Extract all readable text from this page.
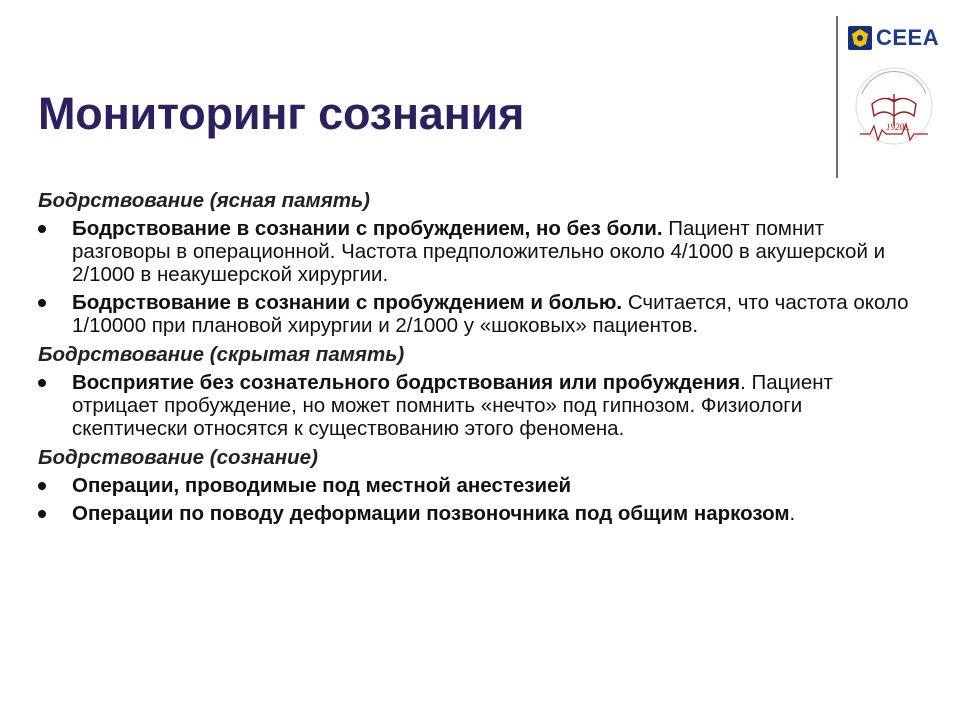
Мониторинг сознания
CEEA
1920г.
Бодрствование (ясная память)
Бодрствование в сознании с пробуждением, но без боли. Пациент помнит разговоры в операционной. Частота предположительно около 4/1000 в акушерской и 2/1000 в неакушерской хирургии.
Бодрствование в сознании с пробуждением и болью. Считается, что частота около 1/10000 при плановой хирургии и 2/1000 у «шоковых» пациентов.
Бодрствование (скрытая память)
Восприятие без сознательного бодрствования или пробуждения. Пациент отрицает пробуждение, но может помнить «нечто» под гипнозом. Физиологи скептически относятся к существованию этого феномена.
Бодрствование (сознание)
Операции, проводимые под местной анестезией
Операции по поводу деформации позвоночника под общим наркозом.
